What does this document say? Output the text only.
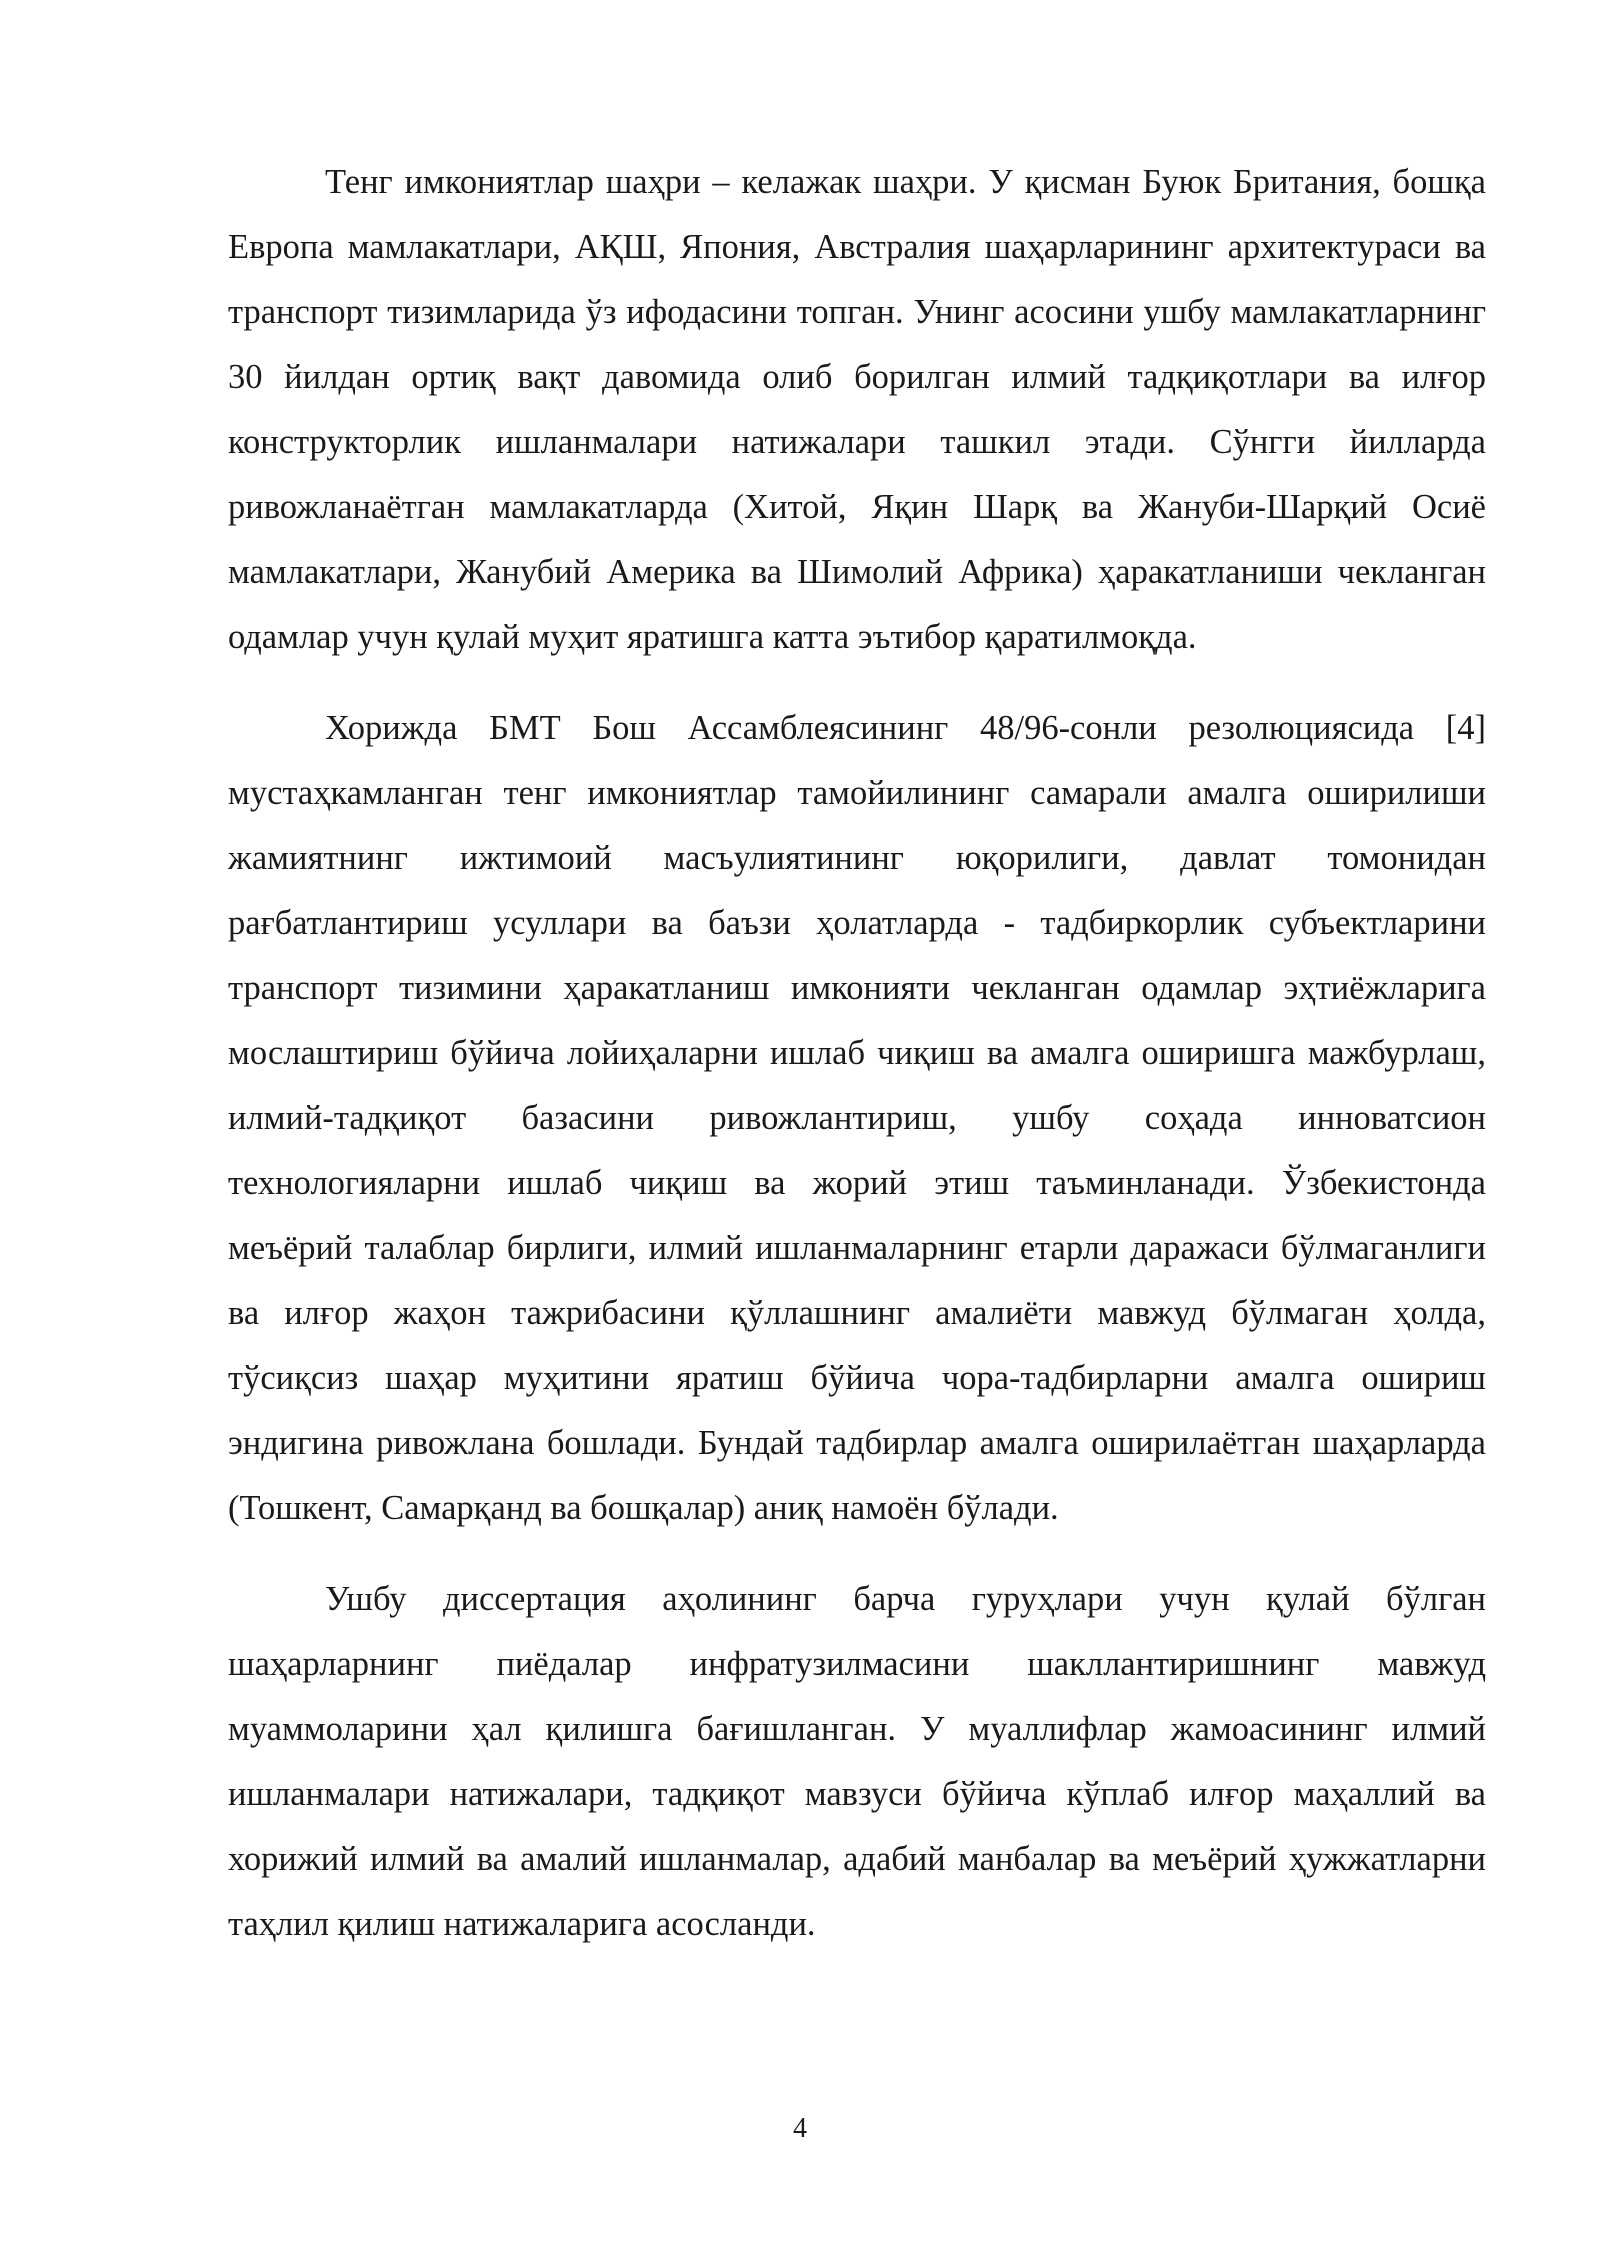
Тенг имкониятлар шаҳри – келажак шаҳри. У қисман Буюк Британия, бошқа Европа мамлакатлари, АҚШ, Япония, Австралия шаҳарларининг архитектураси ва транспорт тизимларида ўз ифодасини топган. Унинг асосини ушбу мамлакатларнинг 30 йилдан ортиқ вақт давомида олиб борилган илмий тадқиқотлари ва илғор конструкторлик ишланмалари натижалари ташкил этади. Сўнгги йилларда ривожланаётган мамлакатларда (Хитой, Яқин Шарқ ва Жануби-Шарқий Осиё мамлакатлари, Жанубий Америка ва Шимолий Африка) ҳаракатланиши чекланган одамлар учун қулай муҳит яратишга катта эътибор қаратилмоқда.

Хорижда БМТ Бош Ассамблеясининг 48/96-сонли резолюциясида [4] мустаҳкамланган тенг имкониятлар тамойилининг самарали амалга оширилиши жамиятнинг ижтимоий масъулиятининг юқорилиги, давлат томонидан рағбатлантириш усуллари ва баъзи ҳолатларда - тадбиркорлик субъектларини транспорт тизимини ҳаракатланиш имконияти чекланган одамлар эҳтиёжларига мослаштириш бўйича лойиҳаларни ишлаб чиқиш ва амалга оширишга мажбурлаш, илмий-тадқиқот базасини ривожлантириш, ушбу соҳада инноватсион технологияларни ишлаб чиқиш ва жорий этиш таъминланади. Ўзбекистонда меъёрий талаблар бирлиги, илмий ишланмаларнинг етарли даражаси бўлмаганлиги ва илғор жаҳон тажрибасини қўллашнинг амалиёти мавжуд бўлмаган ҳолда, тўсиқсиз шаҳар муҳитини яратиш бўйича чора-тадбирларни амалга ошириш эндигина ривожлана бошлади. Бундай тадбирлар амалга оширилаётган шаҳарларда (Тошкент, Самарқанд ва бошқалар) аниқ намоён бўлади.

Ушбу диссертация аҳолининг барча гуруҳлари учун қулай бўлган шаҳарларнинг пиёдалар инфратузилмасини шакллантиришнинг мавжуд муаммоларини ҳал қилишга бағишланган. У муаллифлар жамоасининг илмий ишланмалари натижалари, тадқиқот мавзуси бўйича кўплаб илғор маҳаллий ва хорижий илмий ва амалий ишланмалар, адабий манбалар ва меъёрий ҳужжатларни таҳлил қилиш натижаларига асосланди.

4
